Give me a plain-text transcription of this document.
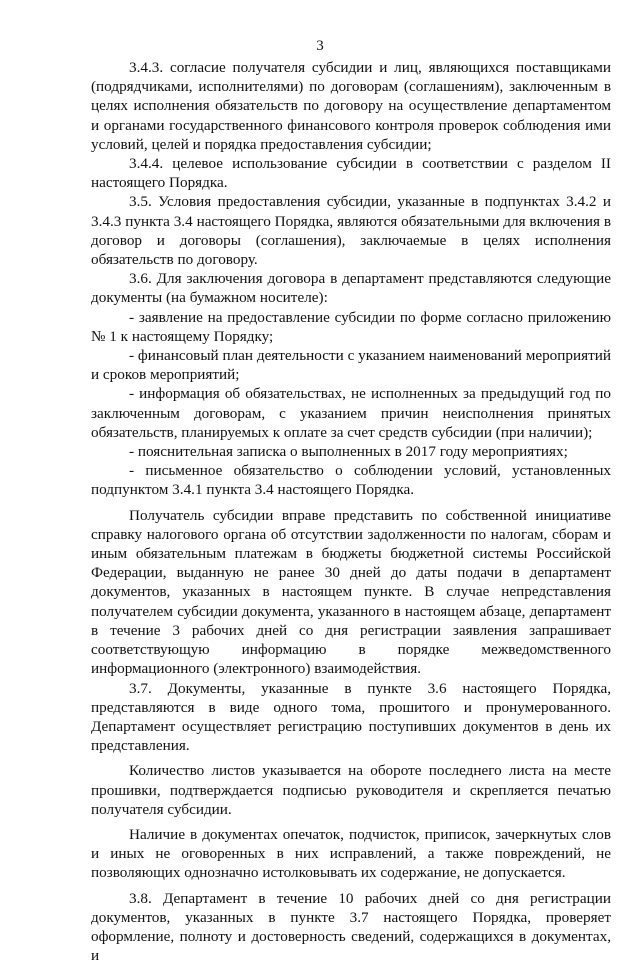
3

3.4.3. согласие получателя субсидии и лиц, являющихся поставщиками (подрядчиками, исполнителями) по договорам (соглашениям), заключенным в целях исполнения обязательств по договору на осуществление департаментом и органами государственного финансового контроля проверок соблюдения ими условий, целей и порядка предоставления субсидии;

3.4.4. целевое использование субсидии в соответствии с разделом II настоящего Порядка.

3.5. Условия предоставления субсидии, указанные в подпунктах 3.4.2 и 3.4.3 пункта 3.4 настоящего Порядка, являются обязательными для включения в договор и договоры (соглашения), заключаемые в целях исполнения обязательств по договору.

3.6. Для заключения договора в департамент представляются следующие документы (на бумажном носителе):

- заявление на предоставление субсидии по форме согласно приложению № 1 к настоящему Порядку;

- финансовый план деятельности с указанием наименований мероприятий и сроков мероприятий;

- информация об обязательствах, не исполненных за предыдущий год по заключенным договорам, с указанием причин неисполнения принятых обязательств, планируемых к оплате за счет средств субсидии (при наличии);

- пояснительная записка о выполненных в 2017 году мероприятиях;

- письменное обязательство о соблюдении условий, установленных подпунктом 3.4.1 пункта 3.4 настоящего Порядка.

Получатель субсидии вправе представить по собственной инициативе справку налогового органа об отсутствии задолженности по налогам, сборам и иным обязательным платежам в бюджеты бюджетной системы Российской Федерации, выданную не ранее 30 дней до даты подачи в департамент документов, указанных в настоящем пункте. В случае непредставления получателем субсидии документа, указанного в настоящем абзаце, департамент в течение 3 рабочих дней со дня регистрации заявления запрашивает соответствующую информацию в порядке межведомственного информационного (электронного) взаимодействия.

3.7. Документы, указанные в пункте 3.6 настоящего Порядка, представляются в виде одного тома, прошитого и пронумерованного. Департамент осуществляет регистрацию поступивших документов в день их представления.

Количество листов указывается на обороте последнего листа на месте прошивки, подтверждается подписью руководителя и скрепляется печатью получателя субсидии.

Наличие в документах опечаток, подчисток, приписок, зачеркнутых слов и иных не оговоренных в них исправлений, а также повреждений, не позволяющих однозначно истолковывать их содержание, не допускается.

3.8. Департамент в течение 10 рабочих дней со дня регистрации документов, указанных в пункте 3.7 настоящего Порядка, проверяет оформление, полноту и достоверность сведений, содержащихся в документах, и
